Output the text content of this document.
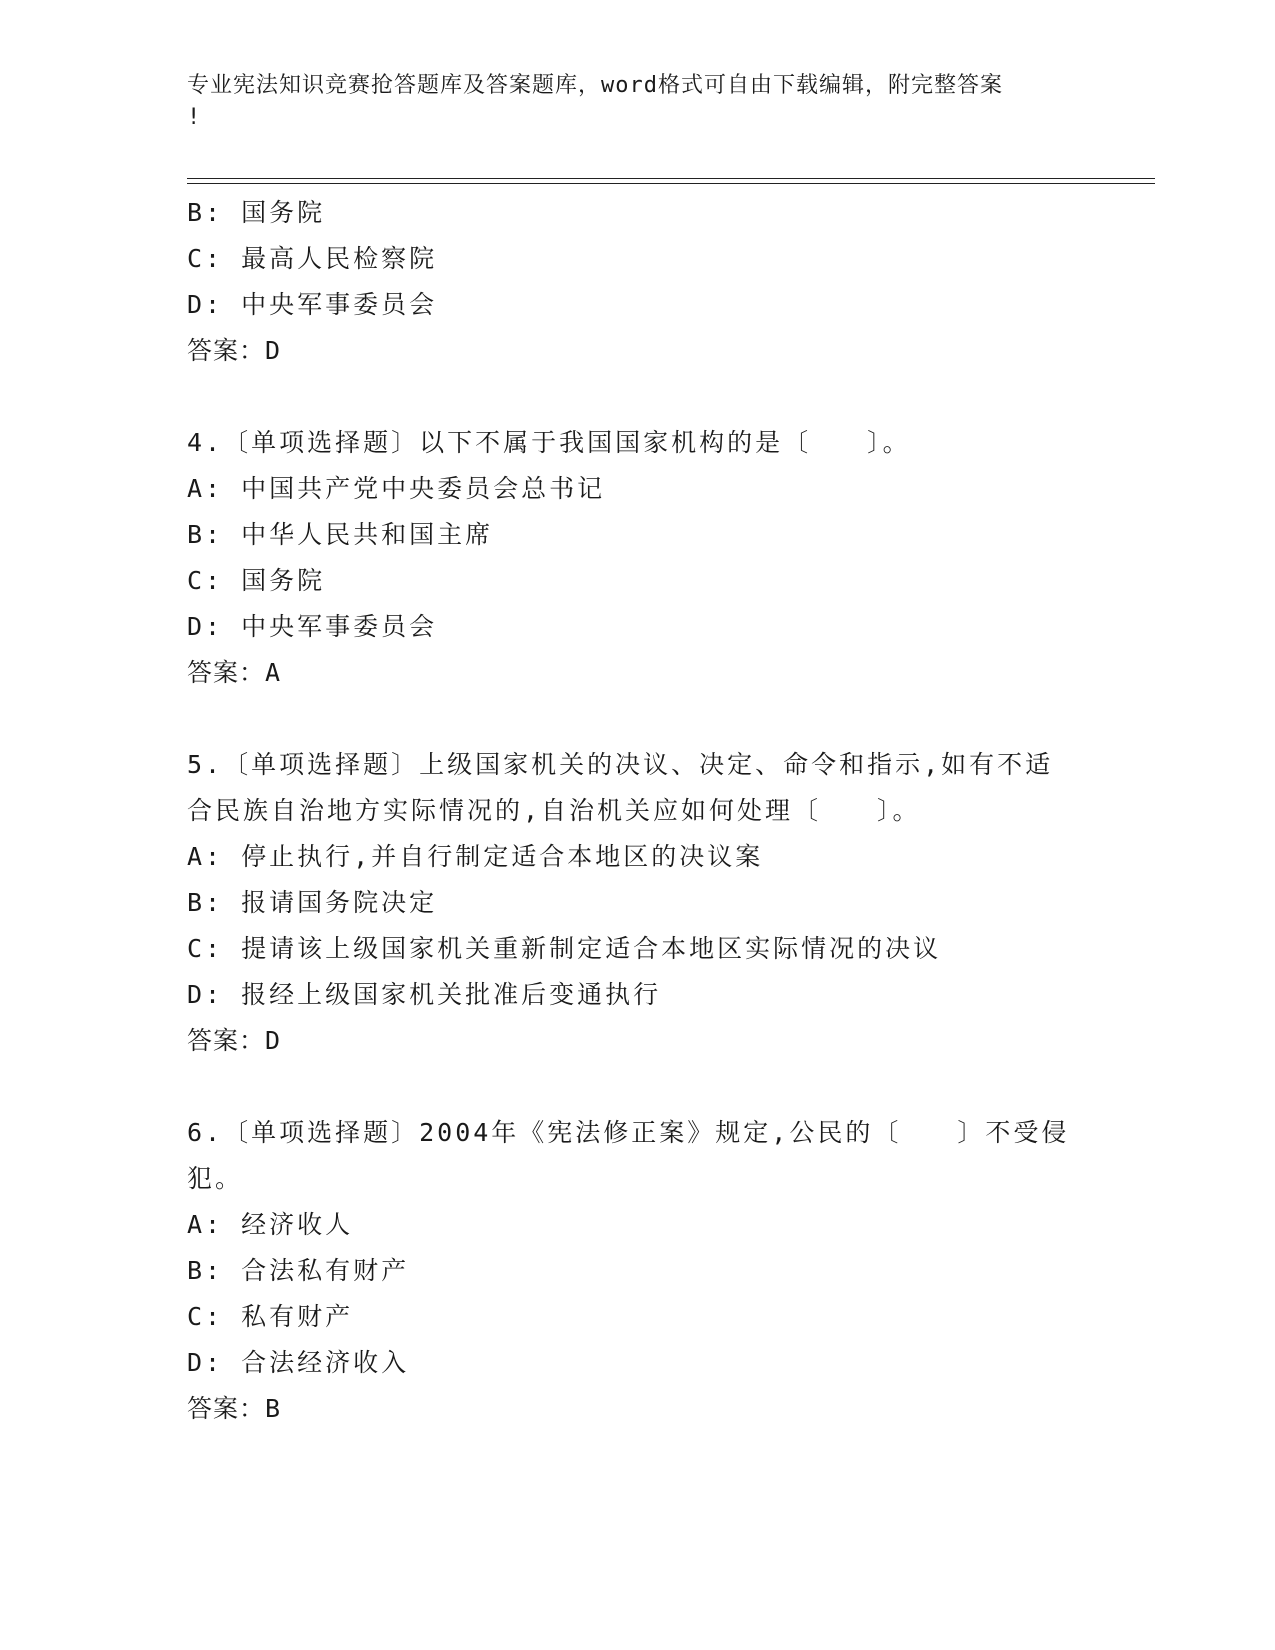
专业宪法知识竞赛抢答题库及答案题库，word格式可自由下载编辑，附完整答案
!
B: 国务院
C: 最高人民检察院
D: 中央军事委员会
答案：D
4.〔单项选择题〕以下不属于我国国家机构的是〔　　〕。
A: 中国共产党中央委员会总书记
B: 中华人民共和国主席
C: 国务院
D: 中央军事委员会
答案：A
5.〔单项选择题〕上级国家机关的决议、决定、命令和指示,如有不适
合民族自治地方实际情况的,自治机关应如何处理〔　　〕。
A: 停止执行,并自行制定适合本地区的决议案
B: 报请国务院决定
C: 提请该上级国家机关重新制定适合本地区实际情况的决议
D: 报经上级国家机关批准后变通执行
答案：D
6.〔单项选择题〕2004年《宪法修正案》规定,公民的〔　　〕不受侵
犯。
A: 经济收人
B: 合法私有财产
C: 私有财产
D: 合法经济收入
答案：B
